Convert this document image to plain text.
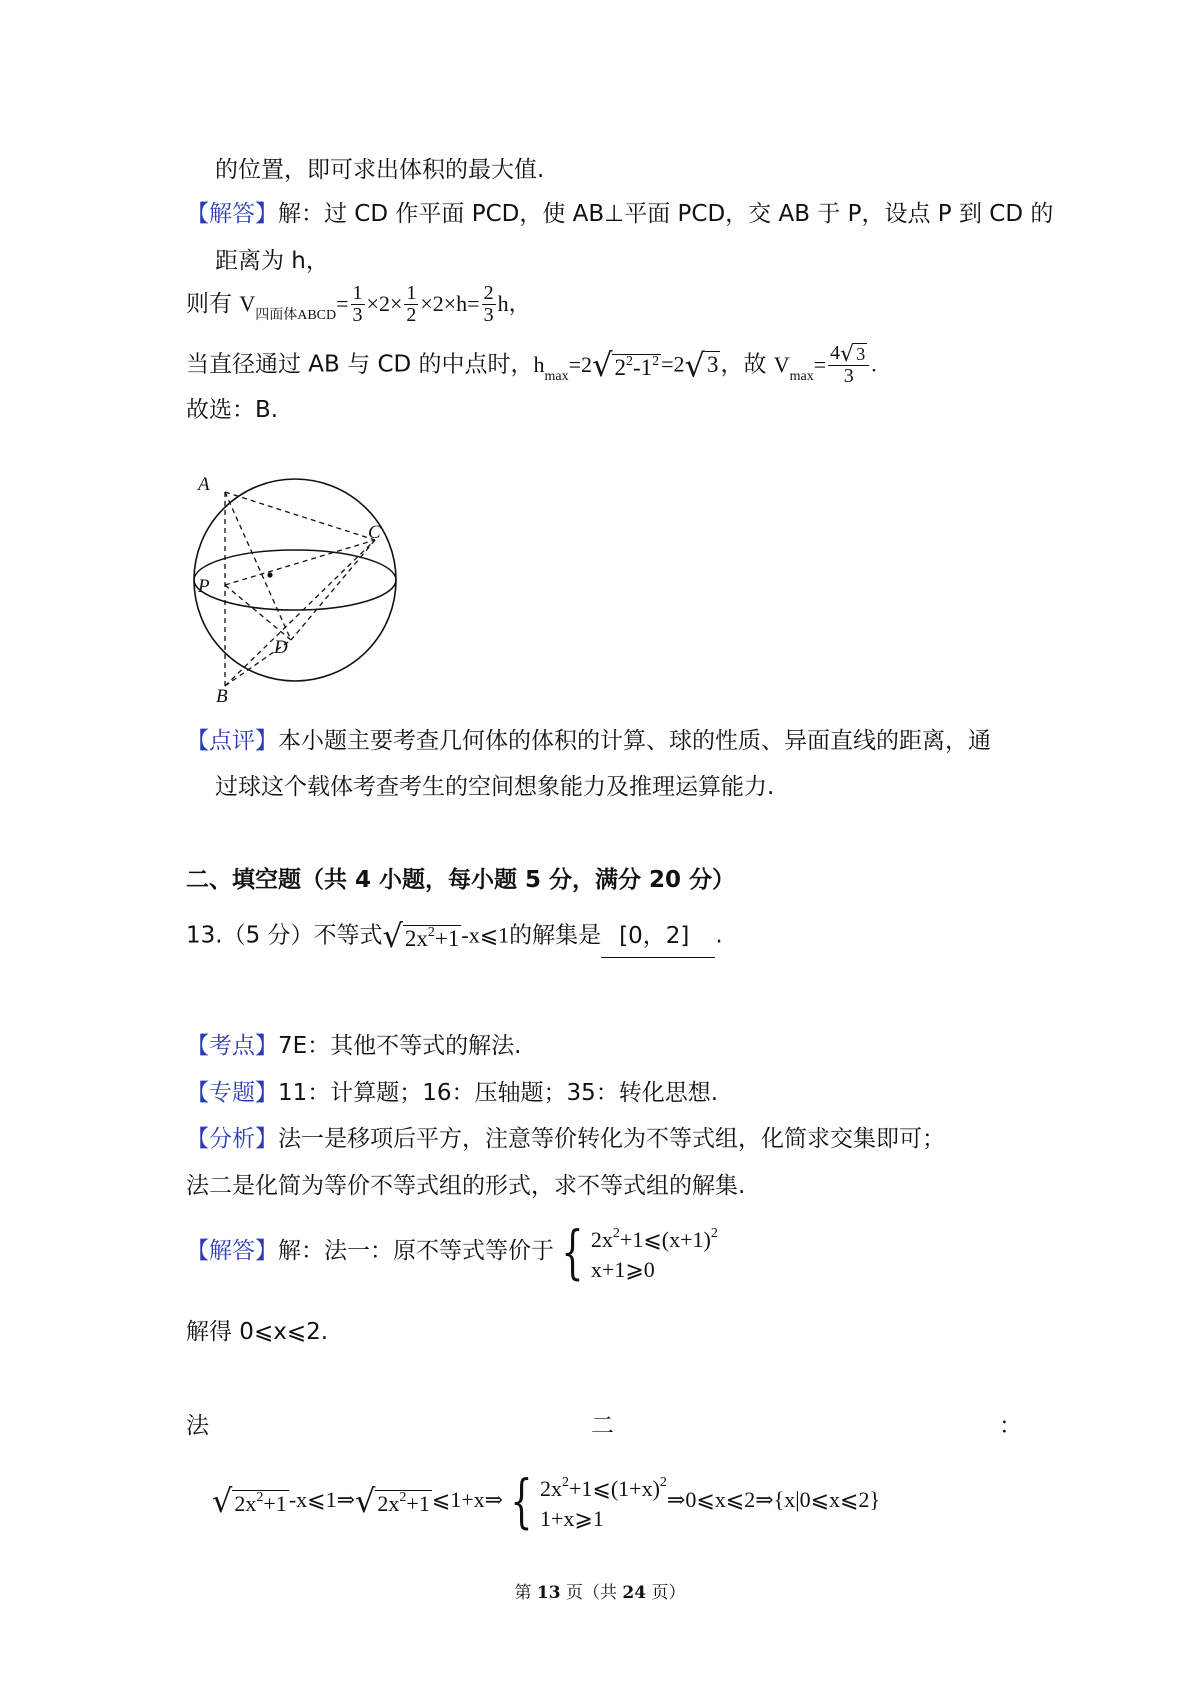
的位置，即可求出体积的最大值.
【解答】解：过 CD 作平面 PCD，使 AB⊥平面 PCD，交 AB 于 P，设点 P 到 CD 的
距离为 h，
则有 $V_{四面体ABCD}= \frac{1}{3} \times 2\times \frac{1}{2} \times 2\times h= \frac{2}{3}$ h，
当直径通过 AB 与 CD 的中点时，$h_{max}=2√2^2-1^2=2√3$，故 $V_{max}= \frac{4√ 3}{3}$ .
故选：B.
A
P
C
D
B
【点评】本小题主要考查几何体的体积的计算、球的性质、异面直线的距离，通
过球这个载体考查考生的空间想象能力及推理运算能力.
二、填空题（共 4 小题，每小题 5 分，满分 20 分）
13.（5 分）不等式$√2x^2+1-x⩽1$的解集是 [0，2] .
【考点】7E：其他不等式的解法.
【专题】11：计算题；16：压轴题；35：转化思想.
【分析】法一是移项后平方，注意等价转化为不等式组，化简求交集即可；
法二是化简为等价不等式组的形式，求不等式组的解集.
【解答】解：法一：原不等式等价于 { $2x^2+1⩽(x+1)^2$
x+1⩾0
解得 0⩽x⩽2.
法	二	：
$√2x^2+1-x⩽1\Rightarrow√2x^2+1⩽1+x\Rightarrow$ { $2x^2+1⩽(1+x)^2$
1+x⩾1
⇒0⩽x⩽2⇒{x|0⩽x⩽2}
第 13 页（共 24 页）
